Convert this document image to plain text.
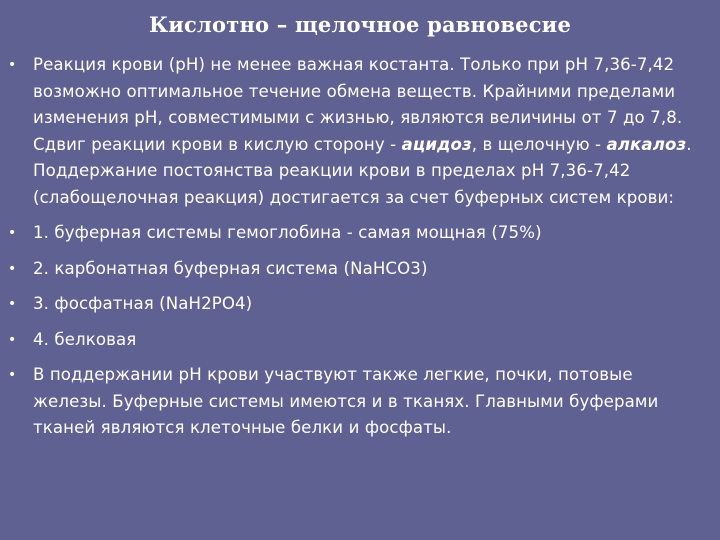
Кислотно – щелочное равновесие
• Реакция крови (рН) не менее важная костанта. Только при рН 7,36-7,42 возможно оптимальное течение обмена веществ. Крайними пределами изменения рН, совместимыми с жизнью, являются величины от 7 до 7,8. Сдвиг реакции крови в кислую сторону - ацидоз, в щелочную - алкалоз. Поддержание постоянства реакции крови в пределах рН 7,36-7,42 (слабощелочная реакция) достигается за счет буферных систем крови:
• 1. буферная системы гемоглобина - самая мощная (75%)
• 2. карбонатная буферная система (NaHCO3)
• 3. фосфатная (NaH2PO4)
• 4. белковая
• В поддержании рН крови участвуют также легкие, почки, потовые железы. Буферные системы имеются и в тканях. Главными буферами тканей являются клеточные белки и фосфаты.
